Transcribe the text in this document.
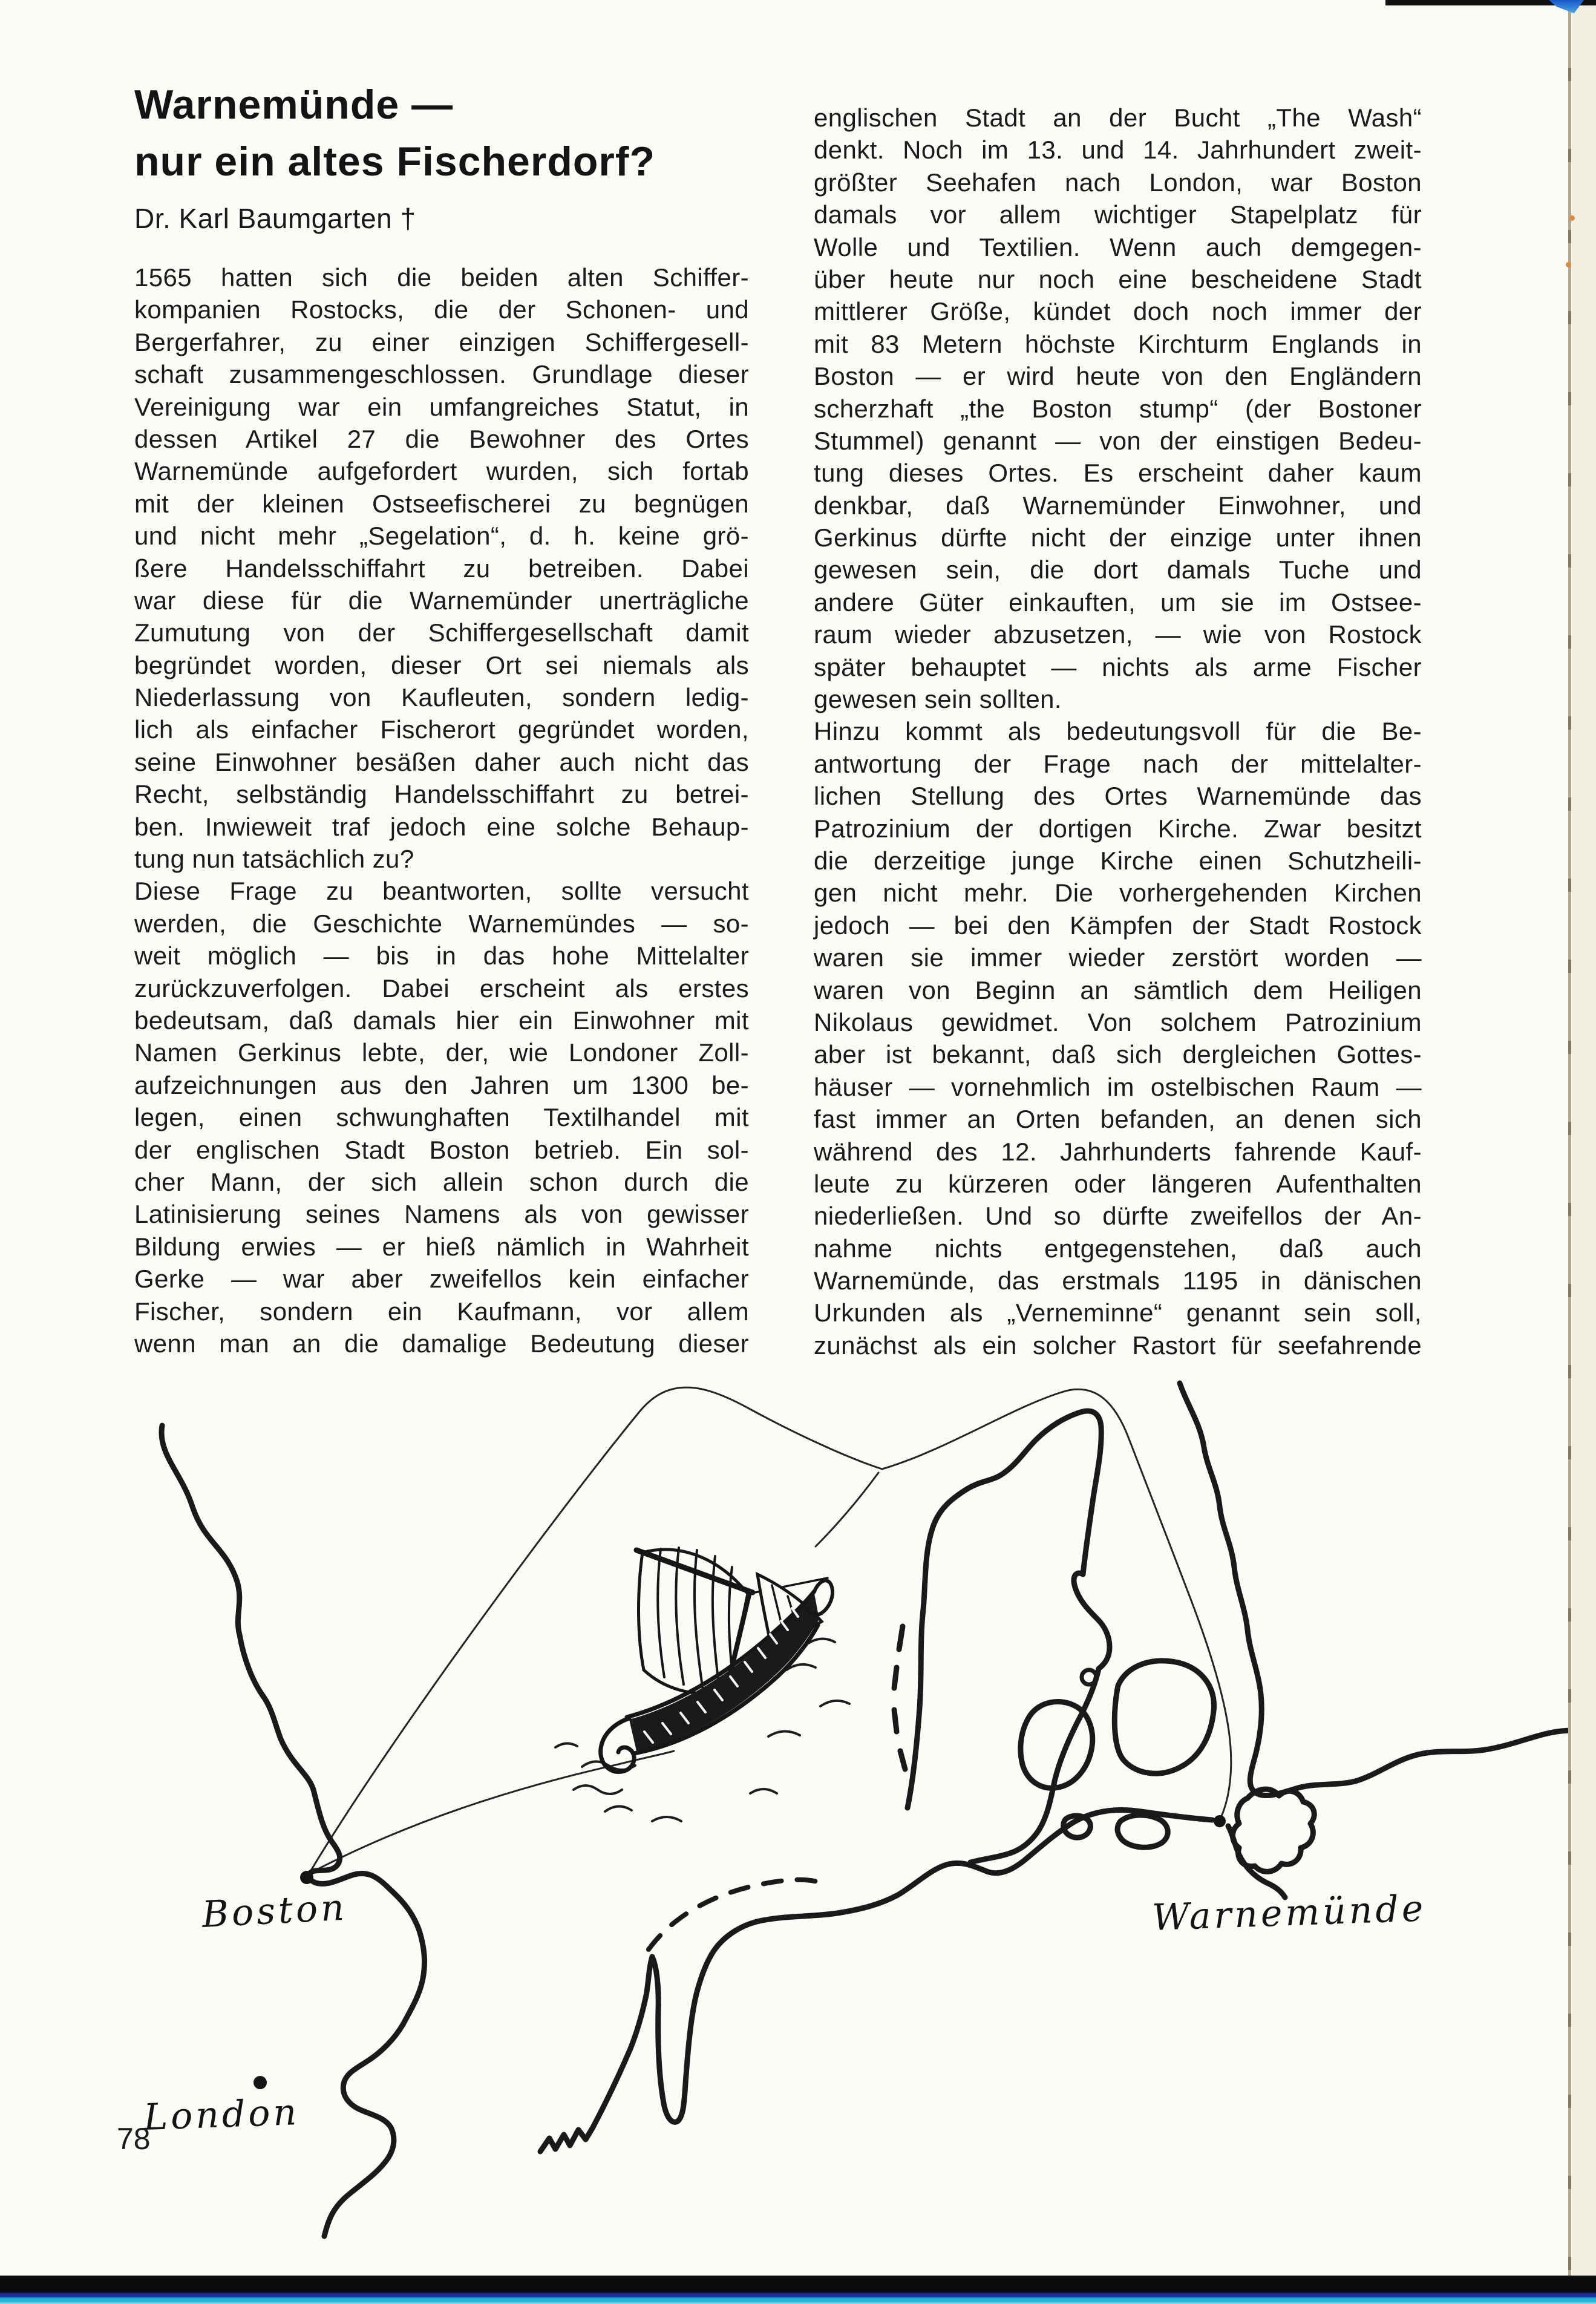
Warnemünde —
nur ein altes Fischerdorf?
Dr. Karl Baumgarten †
1565 hatten sich die beiden alten Schiffer-
kompanien Rostocks, die der Schonen- und
Bergerfahrer, zu einer einzigen Schiffergesell-
schaft zusammengeschlossen. Grundlage dieser
Vereinigung war ein umfangreiches Statut, in
dessen Artikel 27 die Bewohner des Ortes
Warnemünde aufgefordert wurden, sich fortab
mit der kleinen Ostseefischerei zu begnügen
und nicht mehr „Segelation“, d. h. keine grö-
ßere Handelsschiffahrt zu betreiben. Dabei
war diese für die Warnemünder unerträgliche
Zumutung von der Schiffergesellschaft damit
begründet worden, dieser Ort sei niemals als
Niederlassung von Kaufleuten, sondern ledig-
lich als einfacher Fischerort gegründet worden,
seine Einwohner besäßen daher auch nicht das
Recht, selbständig Handelsschiffahrt zu betrei-
ben. Inwieweit traf jedoch eine solche Behaup-
tung nun tatsächlich zu?
Diese Frage zu beantworten, sollte versucht
werden, die Geschichte Warnemündes — so-
weit möglich — bis in das hohe Mittelalter
zurückzuverfolgen. Dabei erscheint als erstes
bedeutsam, daß damals hier ein Einwohner mit
Namen Gerkinus lebte, der, wie Londoner Zoll-
aufzeichnungen aus den Jahren um 1300 be-
legen, einen schwunghaften Textilhandel mit
der englischen Stadt Boston betrieb. Ein sol-
cher Mann, der sich allein schon durch die
Latinisierung seines Namens als von gewisser
Bildung erwies — er hieß nämlich in Wahrheit
Gerke — war aber zweifellos kein einfacher
Fischer, sondern ein Kaufmann, vor allem
wenn man an die damalige Bedeutung dieser
englischen Stadt an der Bucht „The Wash“
denkt. Noch im 13. und 14. Jahrhundert zweit-
größter Seehafen nach London, war Boston
damals vor allem wichtiger Stapelplatz für
Wolle und Textilien. Wenn auch demgegen-
über heute nur noch eine bescheidene Stadt
mittlerer Größe, kündet doch noch immer der
mit 83 Metern höchste Kirchturm Englands in
Boston — er wird heute von den Engländern
scherzhaft „the Boston stump“ (der Bostoner
Stummel) genannt — von der einstigen Bedeu-
tung dieses Ortes. Es erscheint daher kaum
denkbar, daß Warnemünder Einwohner, und
Gerkinus dürfte nicht der einzige unter ihnen
gewesen sein, die dort damals Tuche und
andere Güter einkauften, um sie im Ostsee-
raum wieder abzusetzen, — wie von Rostock
später behauptet — nichts als arme Fischer
gewesen sein sollten.
Hinzu kommt als bedeutungsvoll für die Be-
antwortung der Frage nach der mittelalter-
lichen Stellung des Ortes Warnemünde das
Patrozinium der dortigen Kirche. Zwar besitzt
die derzeitige junge Kirche einen Schutzheili-
gen nicht mehr. Die vorhergehenden Kirchen
jedoch — bei den Kämpfen der Stadt Rostock
waren sie immer wieder zerstört worden —
waren von Beginn an sämtlich dem Heiligen
Nikolaus gewidmet. Von solchem Patrozinium
aber ist bekannt, daß sich dergleichen Gottes-
häuser — vornehmlich im ostelbischen Raum —
fast immer an Orten befanden, an denen sich
während des 12. Jahrhunderts fahrende Kauf-
leute zu kürzeren oder längeren Aufenthalten
niederließen. Und so dürfte zweifellos der An-
nahme nichts entgegenstehen, daß auch
Warnemünde, das erstmals 1195 in dänischen
Urkunden als „Verneminne“ genannt sein soll,
zunächst als ein solcher Rastort für seefahrende
Boston
London
Warnemünde
78
